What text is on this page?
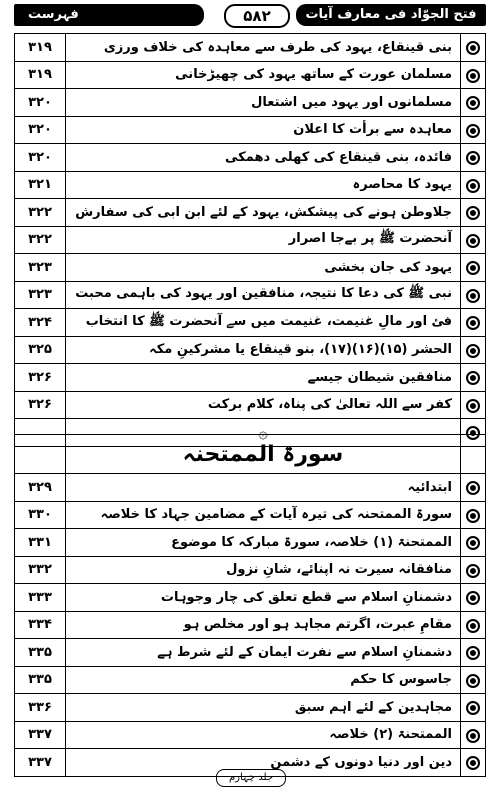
فتح الجوّاد فی معارف آیات الجهاد
۵۸۲
فہرست
۳۱۹	بنی قینقاع، یہود کی طرف سے معاہدہ کی خلاف ورزی	
۳۱۹	مسلمان عورت کے ساتھ یہود کی چھیڑخانی	
۳۲۰	مسلمانوں اور یہود میں اشتعال	
۳۲۰	معاہدہ سے برأت کا اعلان	
۳۲۰	فائدہ، بنی قینقاع کی کھلی دھمکی	
۳۲۱	یہود کا محاصرہ	
۳۲۲	جلاوطن ہونے کی پیشکش، یہود کے لئے ابن ابی کی سفارش	
۳۲۲	آنحضرت ﷺ پر بےجا اصرار	
۳۲۳	یہود کی جان بخشی	
۳۲۳	نبی ﷺ کی دعا کا نتیجہ، منافقین اور یہود کی باہمی محبت	
۳۲۴	فئ اور مالِ غنیمت، غنیمت میں سے آنحضرت ﷺ کا انتخاب	
۳۲۵	الحشر (۱۵)(۱۶)(۱۷)، بنو قینقاع یا مشرکینِ مکہ	
۳۲۶	منافقین شیطان جیسے	
۳۲۶	کفر سے اللہ تعالیٰ کی پناہ، کلام برکت	
	۞	
	سورۃ الممتحنہ	
۳۲۹	ابتدائیہ	
۳۳۰	سورۃ الممتحنہ کی تیرہ آیات کے مضامین جہاد کا خلاصہ	
۳۳۱	الممتحنۃ (۱) خلاصہ، سورۃ مبارکہ کا موضوع	
۳۳۲	منافقانہ سیرت نہ اپنائے، شانِ نزول	
۳۳۳	دشمنانِ اسلام سے قطع تعلق کی چار وجوہات	
۳۳۴	مقامِ عبرت، اگرتم مجاہد ہو اور مخلص ہو	
۳۳۵	دشمنانِ اسلام سے نفرت ایمان کے لئے شرط ہے	
۳۳۵	جاسوس کا حکم	
۳۳۶	مجاہدین کے لئے اہم سبق	
۳۳۷	الممتحنۃ (۲) خلاصہ	
۳۳۷	دین اور دنیا دونوں کے دشمن	
جلد چہارم
